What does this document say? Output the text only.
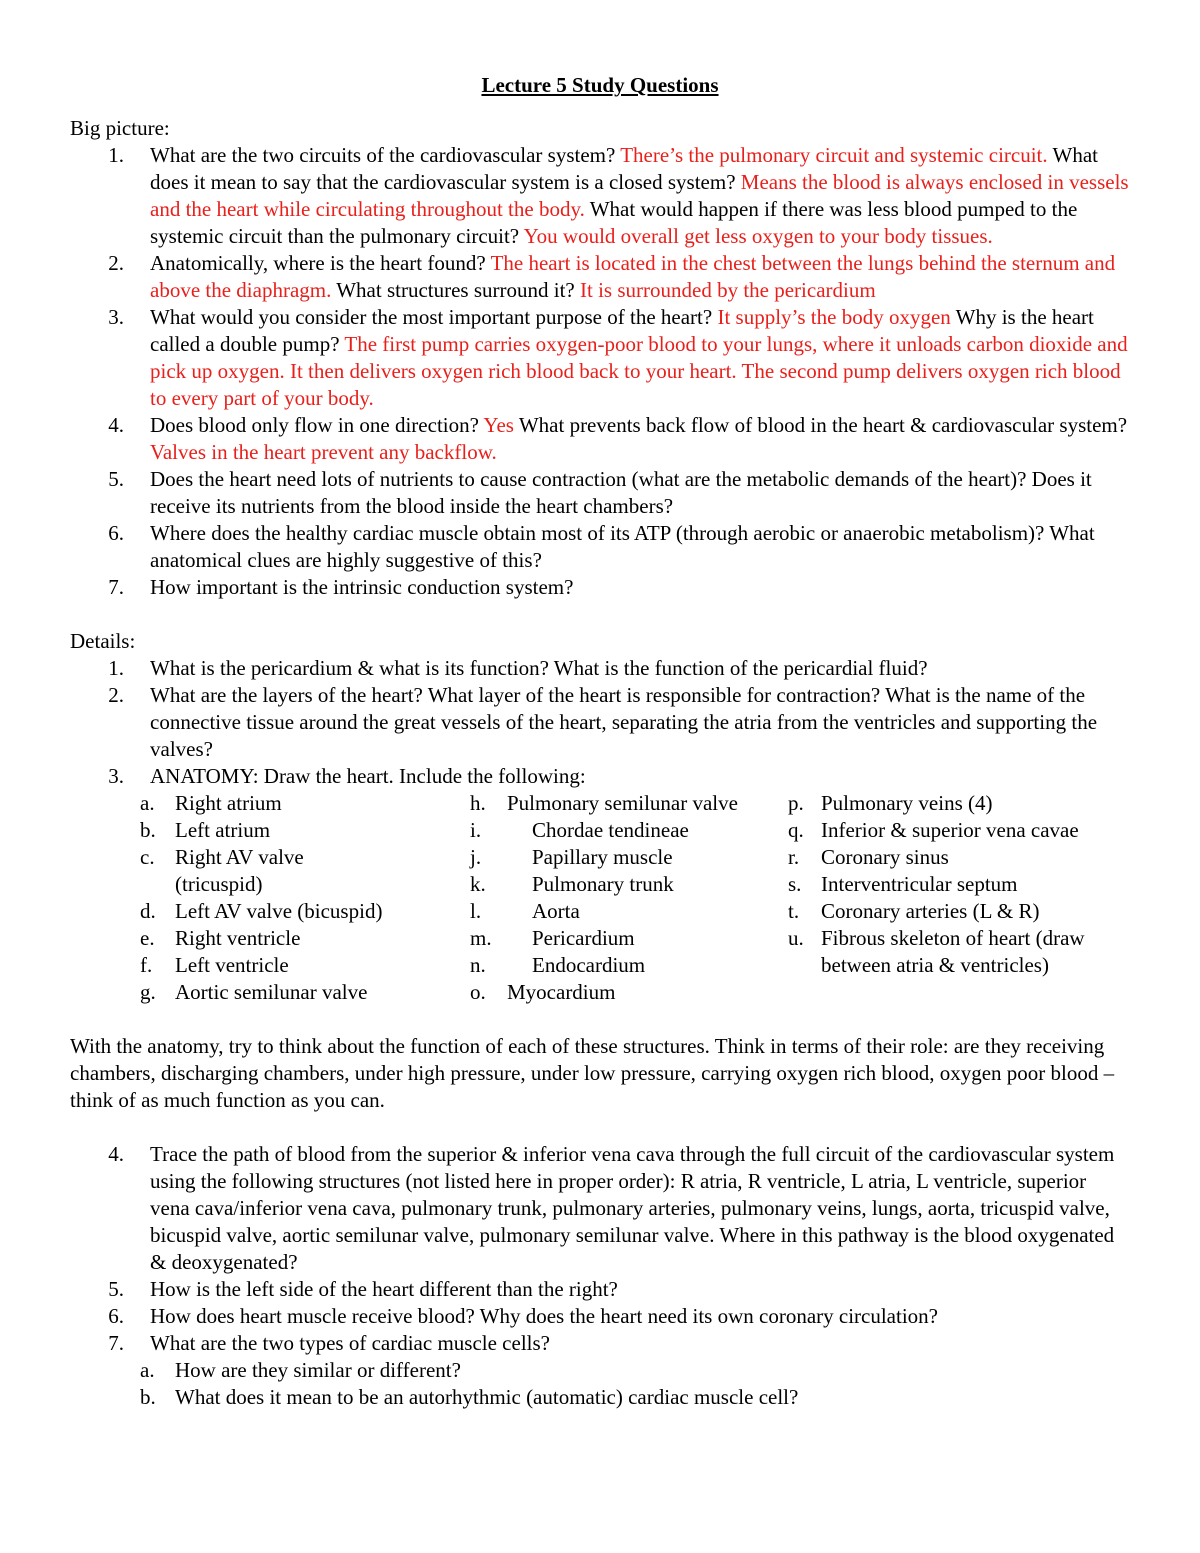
Lecture 5 Study Questions
Big picture:
1. What are the two circuits of the cardiovascular system? There’s the pulmonary circuit and systemic circuit. What does it mean to say that the cardiovascular system is a closed system? Means the blood is always enclosed in vessels and the heart while circulating throughout the body. What would happen if there was less blood pumped to the systemic circuit than the pulmonary circuit? You would overall get less oxygen to your body tissues.
2. Anatomically, where is the heart found? The heart is located in the chest between the lungs behind the sternum and above the diaphragm. What structures surround it? It is surrounded by the pericardium
3. What would you consider the most important purpose of the heart? It supply’s the body oxygen Why is the heart called a double pump? The first pump carries oxygen-poor blood to your lungs, where it unloads carbon dioxide and pick up oxygen. It then delivers oxygen rich blood back to your heart. The second pump delivers oxygen rich blood to every part of your body.
4. Does blood only flow in one direction? Yes What prevents back flow of blood in the heart & cardiovascular system? Valves in the heart prevent any backflow.
5. Does the heart need lots of nutrients to cause contraction (what are the metabolic demands of the heart)? Does it receive its nutrients from the blood inside the heart chambers?
6. Where does the healthy cardiac muscle obtain most of its ATP (through aerobic or anaerobic metabolism)? What anatomical clues are highly suggestive of this?
7. How important is the intrinsic conduction system?
Details:
1. What is the pericardium & what is its function? What is the function of the pericardial fluid?
2. What are the layers of the heart? What layer of the heart is responsible for contraction? What is the name of the connective tissue around the great vessels of the heart, separating the atria from the ventricles and supporting the valves?
3. ANATOMY: Draw the heart. Include the following:
a. Right atrium
b. Left atrium
c. Right AV valve (tricuspid)
d. Left AV valve (bicuspid)
e. Right ventricle
f. Left ventricle
g. Aortic semilunar valve
h. Pulmonary semilunar valve
i. Chordae tendineae
j. Papillary muscle
k. Pulmonary trunk
l. Aorta
m. Pericardium
n. Endocardium
o. Myocardium
p. Pulmonary veins (4)
q. Inferior & superior vena cavae
r. Coronary sinus
s. Interventricular septum
t. Coronary arteries (L & R)
u. Fibrous skeleton of heart (draw between atria & ventricles)

With the anatomy, try to think about the function of each of these structures. Think in terms of their role: are they receiving chambers, discharging chambers, under high pressure, under low pressure, carrying oxygen rich blood, oxygen poor blood – think of as much function as you can.

4. Trace the path of blood from the superior & inferior vena cava through the full circuit of the cardiovascular system using the following structures (not listed here in proper order): R atria, R ventricle, L atria, L ventricle, superior vena cava/inferior vena cava, pulmonary trunk, pulmonary arteries, pulmonary veins, lungs, aorta, tricuspid valve, bicuspid valve, aortic semilunar valve, pulmonary semilunar valve. Where in this pathway is the blood oxygenated & deoxygenated?
5. How is the left side of the heart different than the right?
6. How does heart muscle receive blood? Why does the heart need its own coronary circulation?
7. What are the two types of cardiac muscle cells?
a. How are they similar or different?
b. What does it mean to be an autorhythmic (automatic) cardiac muscle cell?
